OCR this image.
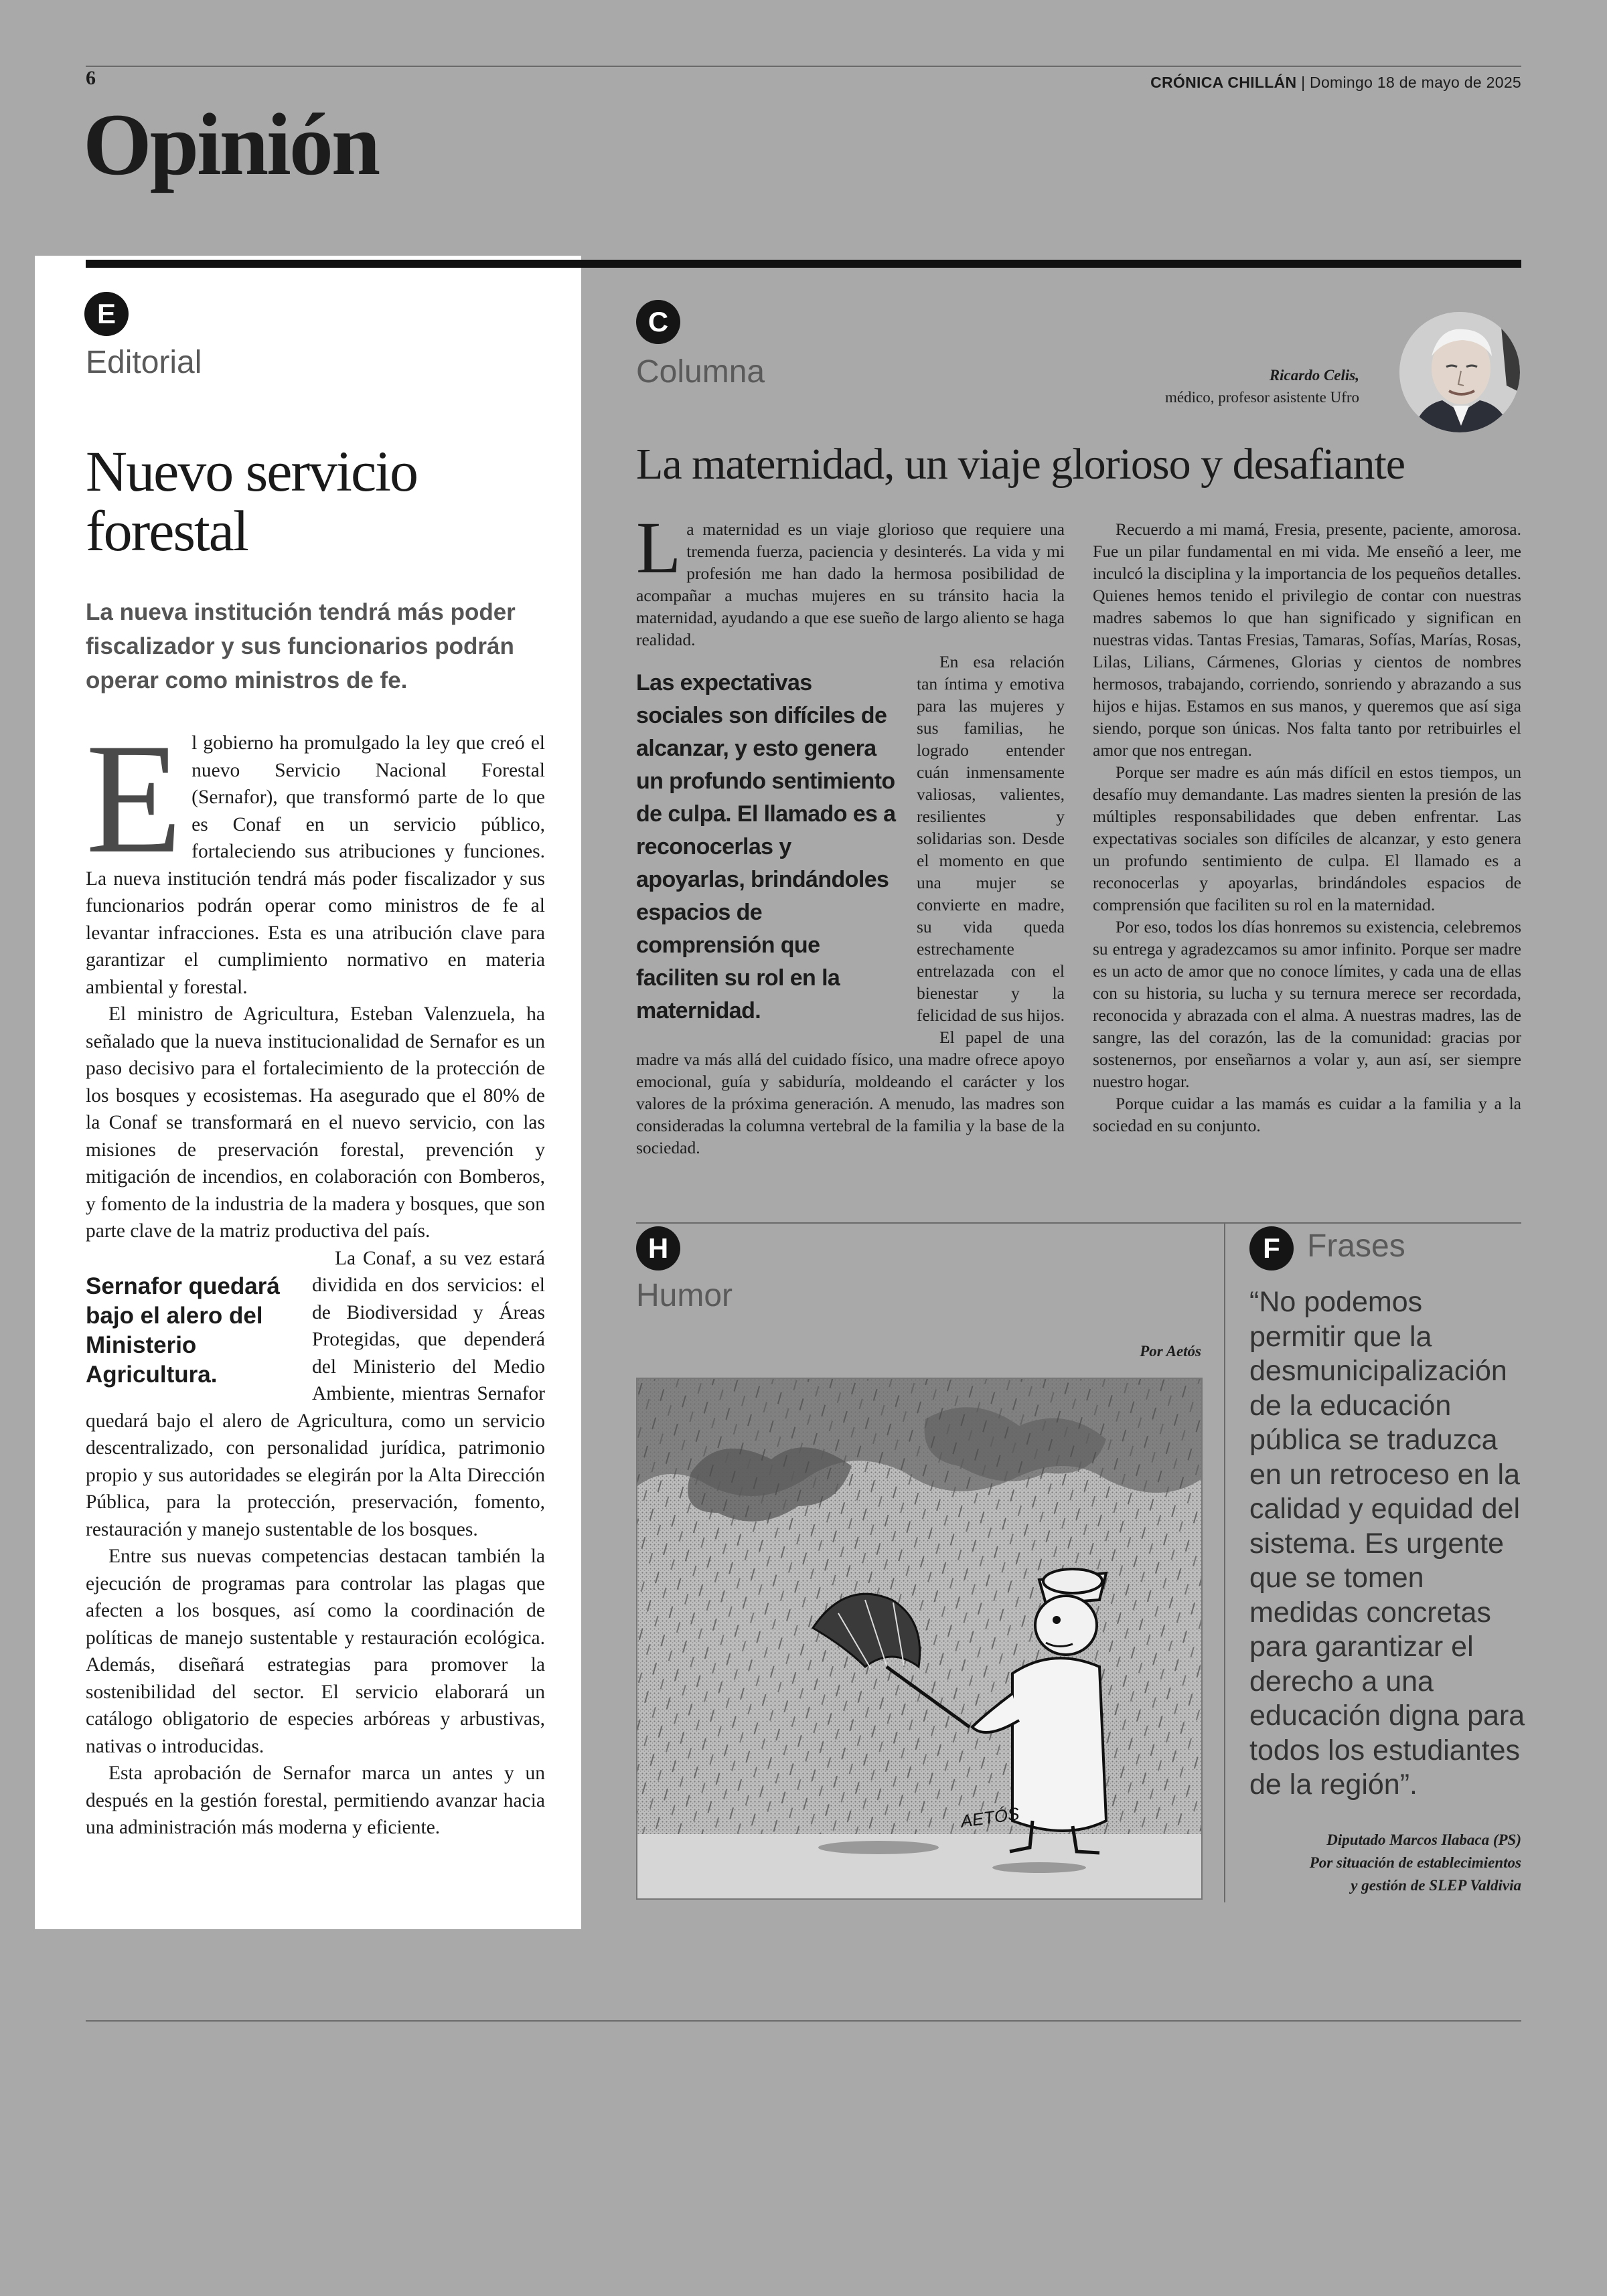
6	CRÓNICA CHILLÁN | Domingo 18 de mayo de 2025
Opinión
E
Editorial
Nuevo servicio forestal
La nueva institución tendrá más poder fiscalizador y sus funcionarios podrán operar como ministros de fe.
E l gobierno ha promulgado la ley que creó el nuevo Servicio Nacional Forestal (Sernafor), que transformó parte de lo que es Conaf en un servicio público, fortaleciendo sus atribuciones y funciones. La nueva institución tendrá más poder fiscalizador y sus funcionarios podrán operar como ministros de fe al levantar infracciones. Esta es una atribución clave para garantizar el cumplimiento normativo en materia ambiental y forestal.

El ministro de Agricultura, Esteban Valenzuela, ha señalado que la nueva institucionalidad de Sernafor es un paso decisivo para el fortalecimiento de la protección de los bosques y ecosistemas. Ha asegurado que el 80% de la Conaf se transformará en el nuevo servicio, con las misiones de preservación forestal, prevención y mitigación de incendios, en colaboración con Bomberos, y fomento de la industria de la madera y bosques, que son parte clave de la matriz productiva del país.

Sernafor quedará bajo el alero del Ministerio Agricultura.

La Conaf, a su vez estará dividida en dos servicios: el de Biodiversidad y Áreas Protegidas, que dependerá del Ministerio del Medio Ambiente, mientras Sernafor quedará bajo el alero de Agricultura, como un servicio descentralizado, con personalidad jurídica, patrimonio propio y sus autoridades se elegirán por la Alta Dirección Pública, para la protección, preservación, fomento, restauración y manejo sustentable de los bosques.

Entre sus nuevas competencias destacan también la ejecución de programas para controlar las plagas que afecten a los bosques, así como la coordinación de políticas de manejo sustentable y restauración ecológica. Además, diseñará estrategias para promover la sostenibilidad del sector. El servicio elaborará un catálogo obligatorio de especies arbóreas y arbustivas, nativas o introducidas.

Esta aprobación de Sernafor marca un antes y un después en la gestión forestal, permitiendo avanzar hacia una administración más moderna y eficiente.

C
Columna	Ricardo Celis,
médico, profesor asistente Ufro
La maternidad, un viaje glorioso y desafiante
L a maternidad es un viaje glorioso que requiere una tremenda fuerza, paciencia y desinterés. La vida y mi profesión me han dado la hermosa posibilidad de acompañar a muchas mujeres en su tránsito hacia la maternidad, ayudando a que ese sueño de largo aliento se haga realidad.

Las expectativas sociales son difíciles de alcanzar, y esto genera un profundo sentimiento de culpa. El llamado es a reconocerlas y apoyarlas, brindándoles espacios de comprensión que faciliten su rol en la maternidad.

En esa relación tan íntima y emotiva para las mujeres y sus familias, he logrado entender cuán inmensamente valiosas, valientes, resilientes y solidarias son. Desde el momento en que una mujer se convierte en madre, su vida queda estrechamente entrelazada con el bienestar y la felicidad de sus hijos.

El papel de una madre va más allá del cuidado físico, una madre ofrece apoyo emocional, guía y sabiduría, moldeando el carácter y los valores de la próxima generación. A menudo, las madres son consideradas la columna vertebral de la familia y la base de la sociedad.

Recuerdo a mi mamá, Fresia, presente, paciente, amorosa. Fue un pilar fundamental en mi vida. Me enseñó a leer, me inculcó la disciplina y la importancia de los pequeños detalles. Quienes hemos tenido el privilegio de contar con nuestras madres sabemos lo que han significado y significan en nuestras vidas. Tantas Fresias, Tamaras, Sofías, Marías, Rosas, Lilas, Lilians, Cármenes, Glorias y cientos de nombres hermosos, trabajando, corriendo, sonriendo y abrazando a sus hijos e hijas. Estamos en sus manos, y queremos que así siga siendo, porque son únicas. Nos falta tanto por retribuirles el amor que nos entregan.

Porque ser madre es aún más difícil en estos tiempos, un desafío muy demandante. Las madres sienten la presión de las múltiples responsabilidades que deben enfrentar. Las expectativas sociales son difíciles de alcanzar, y esto genera un profundo sentimiento de culpa. El llamado es a reconocerlas y apoyarlas, brindándoles espacios de comprensión que faciliten su rol en la maternidad.

Por eso, todos los días honremos su existencia, celebremos su entrega y agradezcamos su amor infinito. Porque ser madre es un acto de amor que no conoce límites, y cada una de ellas con su historia, su lucha y su ternura merece ser recordada, reconocida y abrazada con el alma. A nuestras madres, las de sangre, las del corazón, las de la comunidad: gracias por sostenernos, por enseñarnos a volar y, aun así, ser siempre nuestro hogar.

Porque cuidar a las mamás es cuidar a la familia y a la sociedad en su conjunto.

H
Humor
Por Aetós
AETÓS
F Frases
“No podemos permitir que la desmunicipalización de la educación pública se traduzca en un retroceso en la calidad y equidad del sistema. Es urgente que se tomen medidas concretas para garantizar el derecho a una educación digna para todos los estudiantes de la región”.
Diputado Marcos Ilabaca (PS)
Por situación de establecimientos
y gestión de SLEP Valdivia
